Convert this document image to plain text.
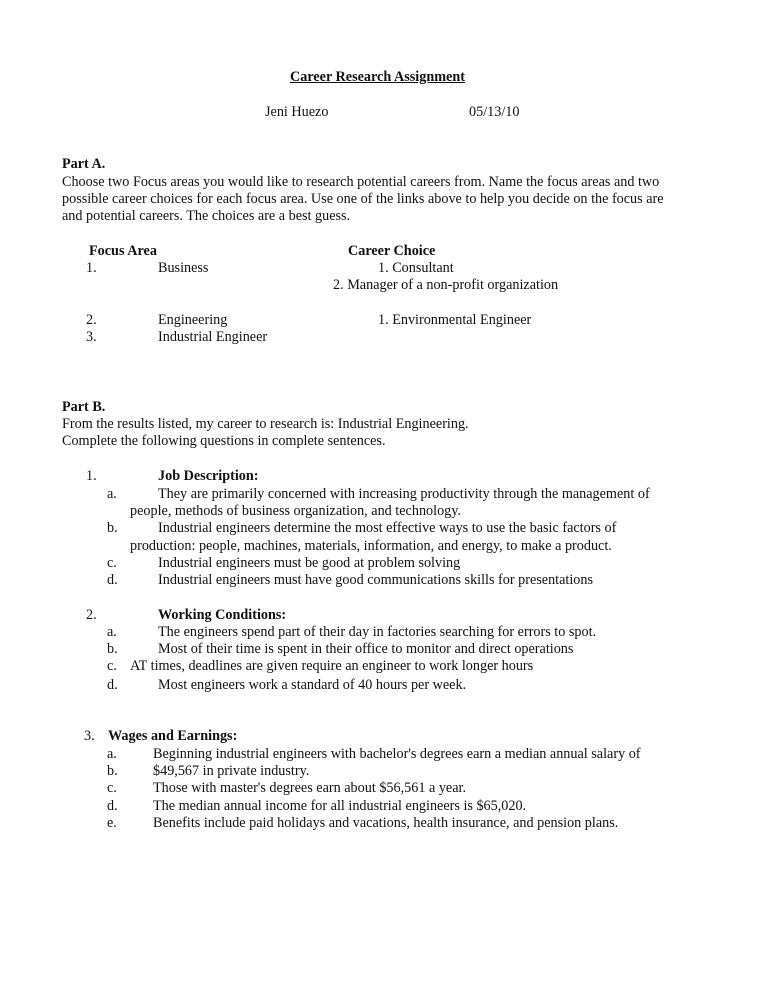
Career Research Assignment
Jeni Huezo	05/13/10
Part A.
Choose two Focus areas you would like to research potential careers from. Name the focus areas and two
possible career choices for each focus area. Use one of the links above to help you decide on the focus are
and potential careers. The choices are a best guess.
Focus Area	Career Choice
1.	Business	1. Consultant
2. Manager of a non-profit organization
2.	Engineering	1. Environmental Engineer
3.	Industrial Engineer
Part B.
From the results listed, my career to research is: Industrial Engineering.
Complete the following questions in complete sentences.
1.	Job Description:
a.	They are primarily concerned with increasing productivity through the management of
people, methods of business organization, and technology.
b.	Industrial engineers determine the most effective ways to use the basic factors of
production: people, machines, materials, information, and energy, to make a product.
c.	Industrial engineers must be good at problem solving
d.	Industrial engineers must have good communications skills for presentations
2.	Working Conditions:
a.	The engineers spend part of their day in factories searching for errors to spot.
b.	Most of their time is spent in their office to monitor and direct operations
c. AT times, deadlines are given require an engineer to work longer hours
d.	Most engineers work a standard of 40 hours per week.
3. Wages and Earnings:
a.	Beginning industrial engineers with bachelor's degrees earn a median annual salary of
b. $49,567 in private industry.
c.	Those with master's degrees earn about $56,561 a year.
d. The median annual income for all industrial engineers is $65,020.
e.	Benefits include paid holidays and vacations, health insurance, and pension plans.
